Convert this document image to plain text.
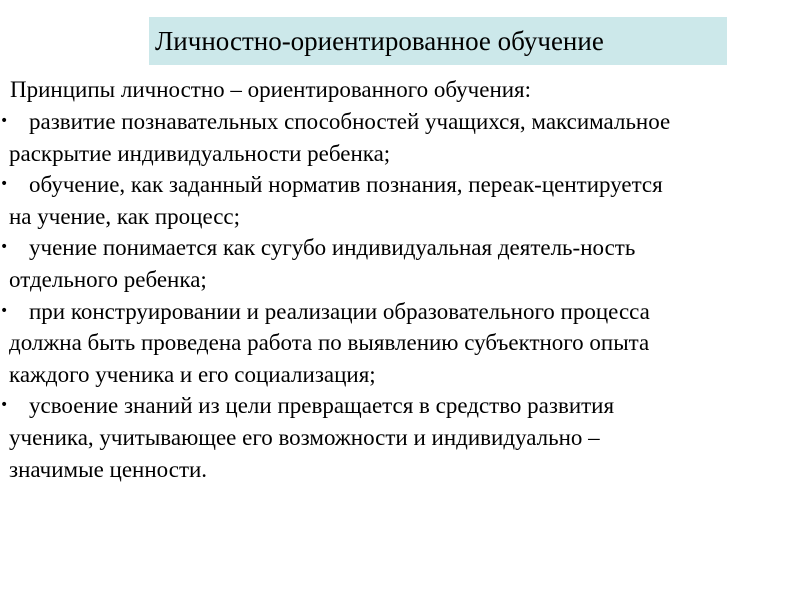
Личностно-ориентированное обучение
Принципы личностно – ориентированного обучения:
• развитие познавательных способностей учащихся, максимальное
раскрытие индивидуальности ребенка;
• обучение, как заданный норматив познания, переак-центируется
на учение, как процесс;
• учение понимается как сугубо индивидуальная деятель-ность
отдельного ребенка;
• при конструировании и реализации образовательного процесса
должна быть проведена работа по выявлению субъектного опыта
каждого ученика и его социализация;
• усвоение знаний из цели превращается в средство развития
ученика, учитывающее его возможности и индивидуально –
значимые ценности.
